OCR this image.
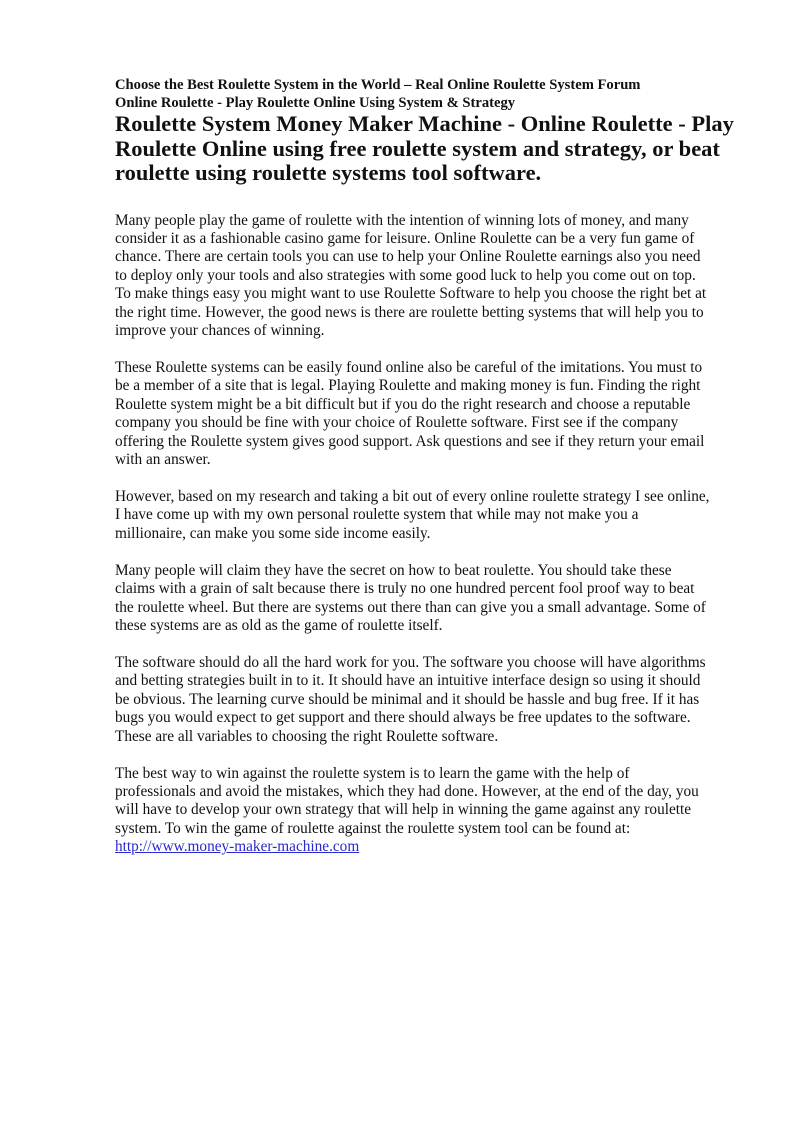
Choose the Best Roulette System in the World – Real Online Roulette System Forum

Online Roulette - Play Roulette Online Using System & Strategy

Roulette System Money Maker Machine - Online Roulette - Play
Roulette Online using free roulette system and strategy, or beat
roulette using roulette systems tool software.

Many people play the game of roulette with the intention of winning lots of money, and many
consider it as a fashionable casino game for leisure. Online Roulette can be a very fun game of
chance. There are certain tools you can use to help your Online Roulette earnings also you need
to deploy only your tools and also strategies with some good luck to help you come out on top.
To make things easy you might want to use Roulette Software to help you choose the right bet at
the right time. However, the good news is there are roulette betting systems that will help you to
improve your chances of winning.

These Roulette systems can be easily found online also be careful of the imitations. You must to
be a member of a site that is legal. Playing Roulette and making money is fun. Finding the right
Roulette system might be a bit difficult but if you do the right research and choose a reputable
company you should be fine with your choice of Roulette software. First see if the company
offering the Roulette system gives good support. Ask questions and see if they return your email
with an answer.

However, based on my research and taking a bit out of every online roulette strategy I see online,
I have come up with my own personal roulette system that while may not make you a
millionaire, can make you some side income easily.

Many people will claim they have the secret on how to beat roulette. You should take these
claims with a grain of salt because there is truly no one hundred percent fool proof way to beat
the roulette wheel. But there are systems out there than can give you a small advantage. Some of
these systems are as old as the game of roulette itself.

The software should do all the hard work for you. The software you choose will have algorithms
and betting strategies built in to it. It should have an intuitive interface design so using it should
be obvious. The learning curve should be minimal and it should be hassle and bug free. If it has
bugs you would expect to get support and there should always be free updates to the software.
These are all variables to choosing the right Roulette software.

The best way to win against the roulette system is to learn the game with the help of
professionals and avoid the mistakes, which they had done. However, at the end of the day, you
will have to develop your own strategy that will help in winning the game against any roulette
system. To win the game of roulette against the roulette system tool can be found at:
http://www.money-maker-machine.com
